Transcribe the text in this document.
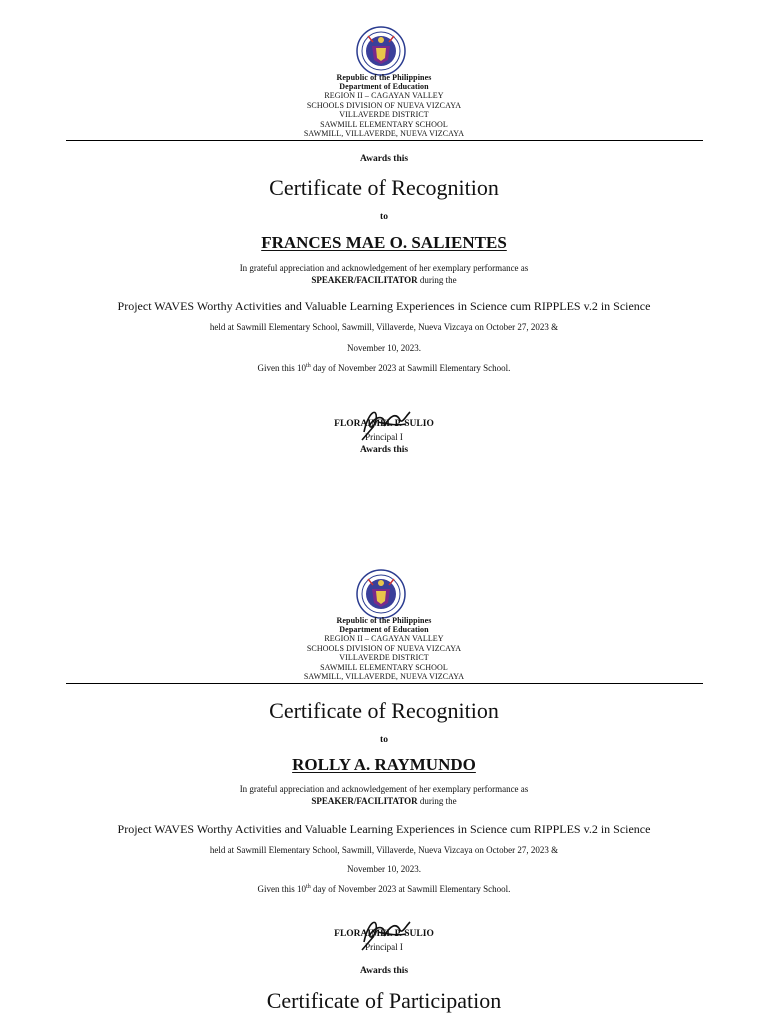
Republic of the Philippines
Department of Education
REGION II – CAGAYAN VALLEY
SCHOOLS DIVISION OF NUEVA VIZCAYA
VILLAVERDE DISTRICT
SAWMILL ELEMENTARY SCHOOL
SAWMILL, VILLAVERDE, NUEVA VIZCAYA
Awards this
Certificate of Recognition
to
FRANCES MAE O. SALIENTES
In grateful appreciation and acknowledgement of her exemplary performance as
SPEAKER/FACILITATOR during the
Project WAVES Worthy Activities and Valuable Learning Experiences in Science cum RIPPLES v.2 in Science
held at Sawmill Elementary School, Sawmill, Villaverde, Nueva Vizcaya on October 27, 2023 &
November 10, 2023.
Given this 10th day of November 2023 at Sawmill Elementary School.
FLORAIMEL P. SULIO
Principal I
Awards this
Republic of the Philippines
Department of Education
REGION II – CAGAYAN VALLEY
SCHOOLS DIVISION OF NUEVA VIZCAYA
VILLAVERDE DISTRICT
SAWMILL ELEMENTARY SCHOOL
SAWMILL, VILLAVERDE, NUEVA VIZCAYA
Certificate of Recognition
to
ROLLY A. RAYMUNDO
In grateful appreciation and acknowledgement of her exemplary performance as
SPEAKER/FACILITATOR during the
Project WAVES Worthy Activities and Valuable Learning Experiences in Science cum RIPPLES v.2 in Science
held at Sawmill Elementary School, Sawmill, Villaverde, Nueva Vizcaya on October 27, 2023 &
November 10, 2023.
Given this 10th day of November 2023 at Sawmill Elementary School.
FLORAIMEL P. SULIO
Principal I
Awards this
Certificate of Participation
